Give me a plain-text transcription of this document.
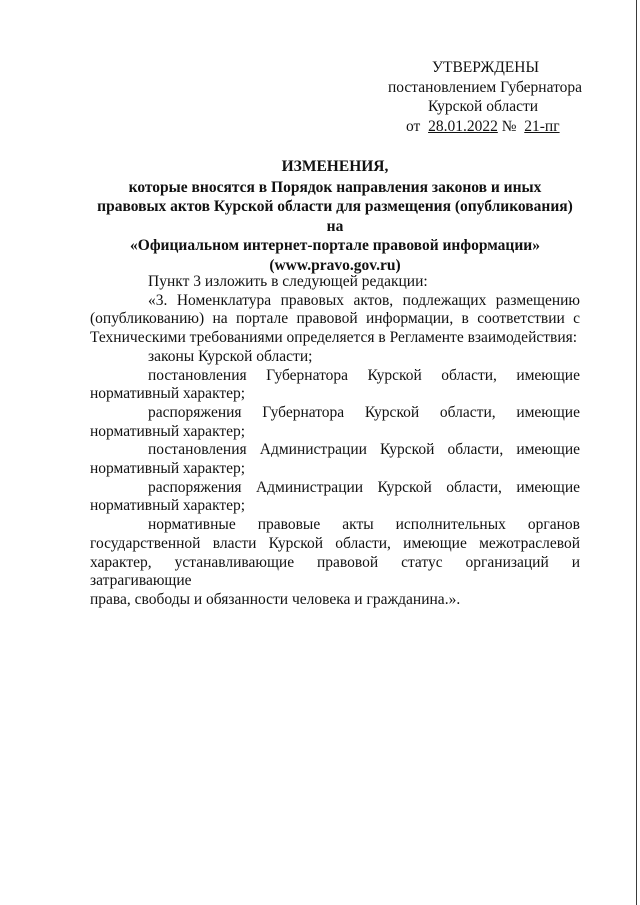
УТВЕРЖДЕНЫ
постановлением Губернатора
Курской области
от 28.01.2022 № 21-пг
ИЗМЕНЕНИЯ,
которые вносятся в Порядок направления законов и иных
правовых актов Курской области для размещения (опубликования) на
«Официальном интернет-портале правовой информации»
(www.pravo.gov.ru)

Пункт 3 изложить в следующей редакции:

«3. Номенклатура правовых актов, подлежащих размещению
(опубликованию) на портале правовой информации, в соответствии с
Техническими требованиями определяется в Регламенте взаимодействия:

законы Курской области;

постановления Губернатора Курской области, имеющие
нормативный характер;

распоряжения Губернатора Курской области, имеющие
нормативный характер;

постановления Администрации Курской области, имеющие
нормативный характер;

распоряжения Администрации Курской области, имеющие
нормативный характер;

нормативные правовые акты исполнительных органов
государственной власти Курской области, имеющие межотраслевой
характер, устанавливающие правовой статус организаций и затрагивающие
права, свободы и обязанности человека и гражданина.».
